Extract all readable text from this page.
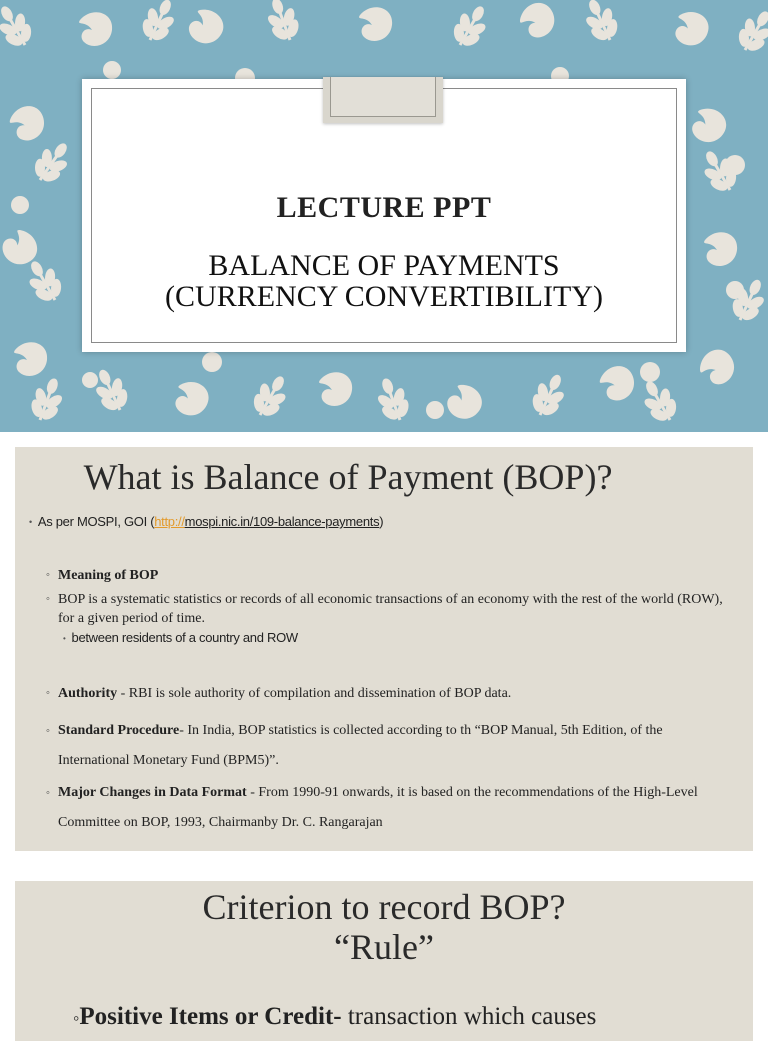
LECTURE PPT
BALANCE OF PAYMENTS
(CURRENCY CONVERTIBILITY)
What is Balance of Payment (BOP)?
• As per MOSPI, GOI (http://mospi.nic.in/109-balance-payments)
◦ Meaning of BOP
◦ BOP is a systematic statistics or records of all economic transactions of an economy with the rest of the world (ROW), for a given period of time.
• between residents of a country and ROW
◦ Authority - RBI is sole authority of compilation and dissemination of BOP data.
◦ Standard Procedure- In India, BOP statistics is collected according to th “BOP Manual, 5th Edition, of the International Monetary Fund (BPM5)”.
◦ Major Changes in Data Format - From 1990-91 onwards, it is based on the recommendations of the High-Level Committee on BOP, 1993, Chairmanby Dr. C. Rangarajan
Criterion to record BOP?
“Rule”
◦Positive Items or Credit- transaction which causes
